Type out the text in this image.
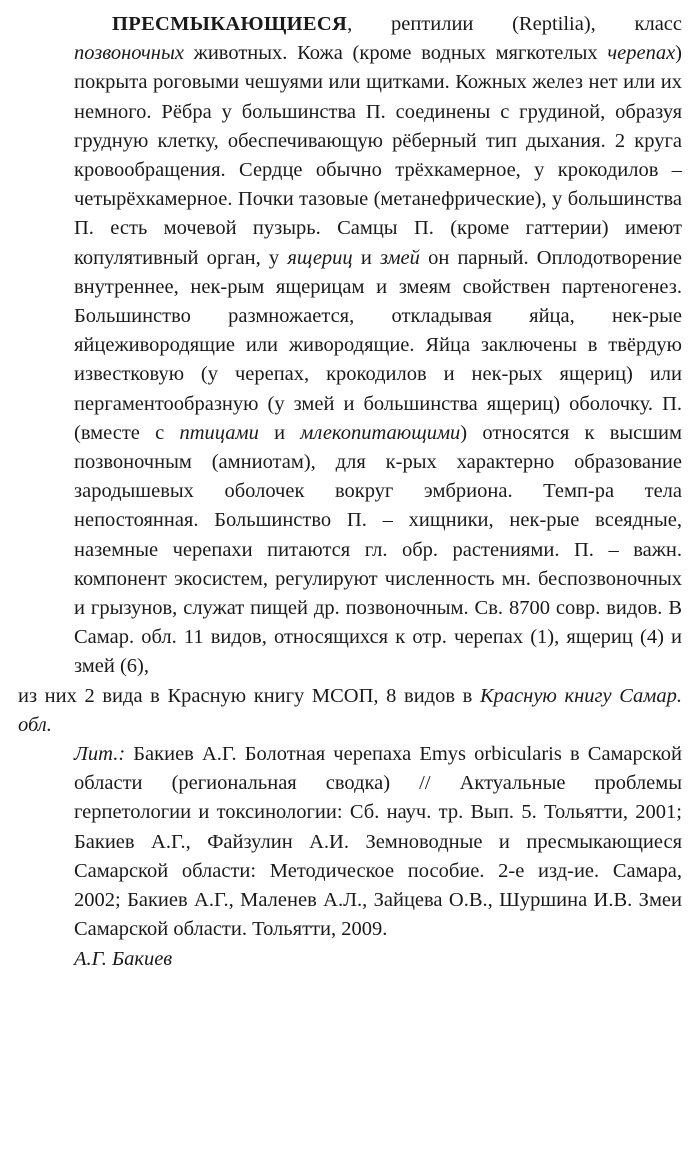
ПРЕСМЫКАЮЩИЕСЯ, рептилии (Reptilia), класс позвоночных животных. Кожа (кроме водных мягкотелых черепах) покрыта роговыми чешуями или щитками. Кожных желез нет или их немного. Рёбра у большинства П. соединены с грудиной, образуя грудную клетку, обеспечивающую рёберный тип дыхания. 2 круга кровообращения. Сердце обычно трёхкамерное, у крокодилов – четырёхкамерное. Почки тазовые (метанефрические), у большинства П. есть мочевой пузырь. Самцы П. (кроме гаттерии) имеют копулятивный орган, у ящериц и змей он парный. Оплодотворение внутреннее, нек-рым ящерицам и змеям свойствен партеногенез. Большинство размножается, откладывая яйца, нек-рые яйцеживородящие или живородящие. Яйца заключены в твёрдую известковую (у черепах, крокодилов и нек-рых ящериц) или пергаментообразную (у змей и большинства ящериц) оболочку. П. (вместе с птицами и млекопитающими) относятся к высшим позвоночным (амниотам), для к-рых характерно образование зародышевых оболочек вокруг эмбриона. Темп-ра тела непостоянная. Большинство П. – хищники, нек-рые всеядные, наземные черепахи питаются гл. обр. растениями. П. – важн. компонент экосистем, регулируют численность мн. беспозвоночных и грызунов, служат пищей др. позвоночным. Св. 8700 совр. видов. В Самар. обл. 11 видов, относящихся к отр. черепах (1), ящериц (4) и змей (6),
из них 2 вида в Красную книгу МСОП, 8 видов в Красную книгу Самар. обл.

Лит.: Бакиев А.Г. Болотная черепаха Emys orbicularis в Самарской области (региональная сводка) // Актуальные проблемы герпетологии и токсинологии: Сб. науч. тр. Вып. 5. Тольятти, 2001; Бакиев А.Г., Файзулин А.И. Земноводные и пресмыкающиеся Самарской области: Методическое пособие. 2-е изд-ие. Самара, 2002; Бакиев А.Г., Маленев А.Л., Зайцева О.В., Шуршина И.В. Змеи Самарской области. Тольятти, 2009.

А.Г. Бакиев
